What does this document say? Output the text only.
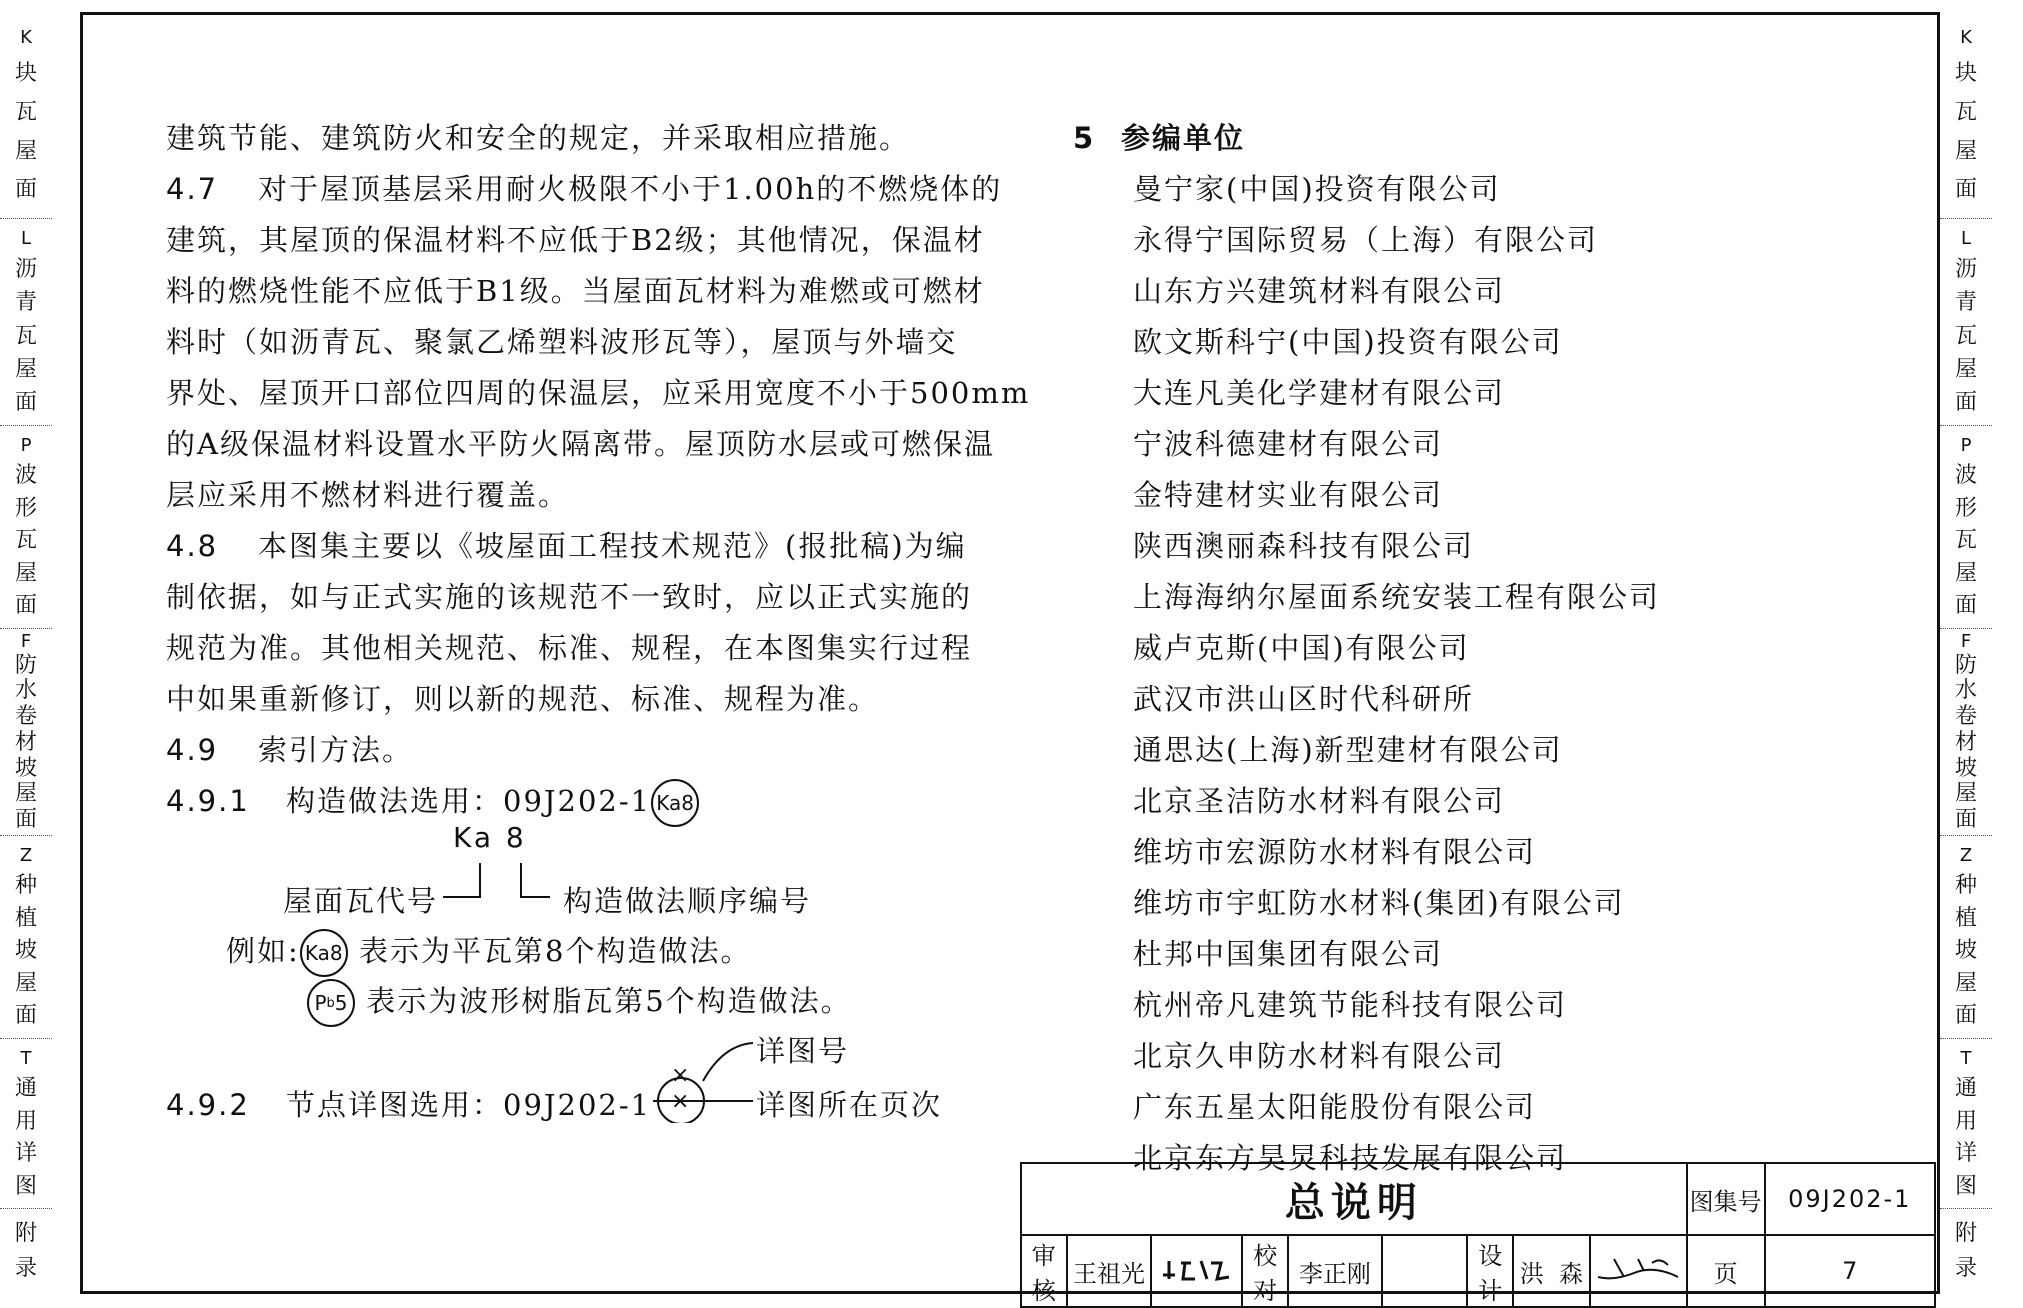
K
块
瓦
屋
面
L
沥
青
瓦
屋
面
P
波
形
瓦
屋
面
F
防
水
卷
材
坡
屋
面
Z
种
植
坡
屋
面
T
通
用
详
图
附
录
K
块
瓦
屋
面
L
沥
青
瓦
屋
面
P
波
形
瓦
屋
面
F
防
水
卷
材
坡
屋
面
Z
种
植
坡
屋
面
T
通
用
详
图
附
录

建筑节能、建筑防火和安全的规定，并采取相应措施。

4.7 对于屋顶基层采用耐火极限不小于1.00h的不燃烧体的

建筑，其屋顶的保温材料不应低于B2级；其他情况，保温材

料的燃烧性能不应低于B1级。当屋面瓦材料为难燃或可燃材

料时（如沥青瓦、聚氯乙烯塑料波形瓦等），屋顶与外墙交

界处、屋顶开口部位四周的保温层，应采用宽度不小于500mm

的A级保温材料设置水平防火隔离带。屋顶防水层或可燃保温

层应采用不燃材料进行覆盖。

4.8 本图集主要以《坡屋面工程技术规范》(报批稿)为编

制依据，如与正式实施的该规范不一致时，应以正式实施的

规范为准。其他相关规范、标准、规程，在本图集实行过程

中如果重新修订，则以新的规范、标准、规程为准。

4.9 索引方法。

4.9.1 构造做法选用：09J202-1 Ka8

Ka 8
屋面瓦代号	构造做法顺序编号
例如: Ka8 表示为平瓦第8个构造做法。
P b 5 表示为波形树脂瓦第5个构造做法。
×
×
详图号
4.9.2 节点详图选用：09J202-1	详图所在页次

5 参编单位

曼宁家(中国)投资有限公司

永得宁国际贸易（上海）有限公司

山东方兴建筑材料有限公司

欧文斯科宁(中国)投资有限公司

大连凡美化学建材有限公司

宁波科德建材有限公司

金特建材实业有限公司

陕西澳丽森科技有限公司

上海海纳尔屋面系统安装工程有限公司

威卢克斯(中国)有限公司

武汉市洪山区时代科研所

通思达(上海)新型建材有限公司

北京圣洁防水材料有限公司

维坊市宏源防水材料有限公司

维坊市宇虹防水材料(集团)有限公司

杜邦中国集团有限公司

杭州帝凡建筑节能科技有限公司

北京久申防水材料有限公司

广东五星太阳能股份有限公司

北京东方昊炅科技发展有限公司

总说明									图集号	09J202-1
审核	王祖光		校对	李正刚		设计	洪  森		页	7
